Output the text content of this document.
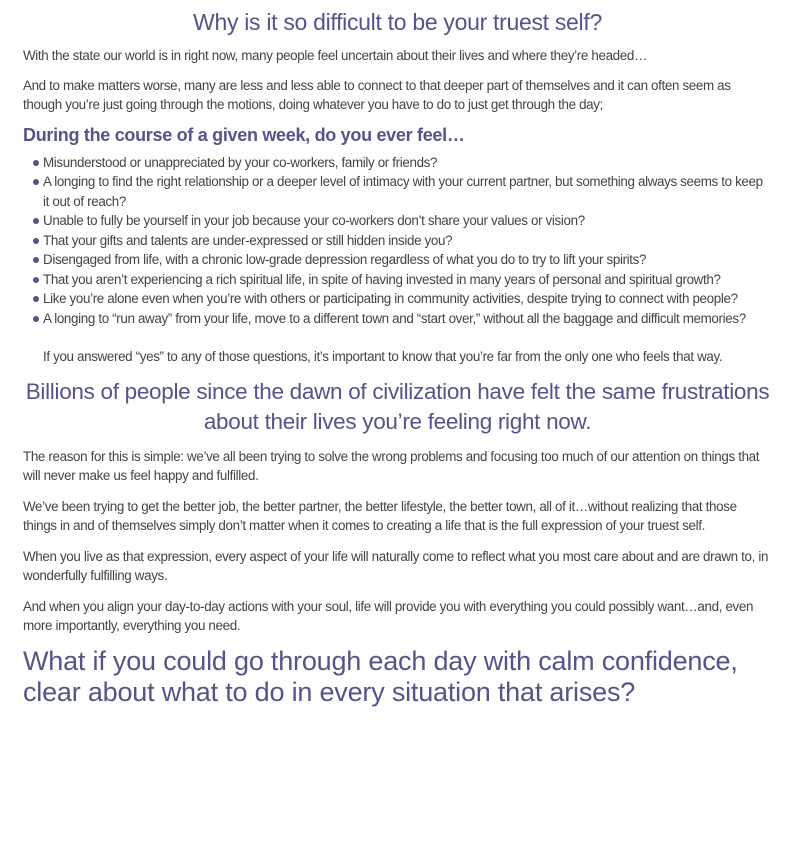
Why is it so difficult to be your truest self?

With the state our world is in right now, many people feel uncertain about their lives and where they’re headed…

And to make matters worse, many are less and less able to connect to that deeper part of themselves and it can often seem as though you’re just going through the motions, doing whatever you have to do to just get through the day;

During the course of a given week, do you ever feel…
Misunderstood or unappreciated by your co-workers, family or friends?
A longing to find the right relationship or a deeper level of intimacy with your current partner, but something always seems to keep it out of reach?
Unable to fully be yourself in your job because your co-workers don’t share your values or vision?
That your gifts and talents are under-expressed or still hidden inside you?
Disengaged from life, with a chronic low-grade depression regardless of what you do to try to lift your spirits?
That you aren’t experiencing a rich spiritual life, in spite of having invested in many years of personal and spiritual growth?
Like you’re alone even when you’re with others or participating in community activities, despite trying to connect with people?
A longing to “run away” from your life, move to a different town and “start over,” without all the baggage and difficult memories?

If you answered “yes” to any of those questions, it’s important to know that you’re far from the only one who feels that way.

Billions of people since the dawn of civilization have felt the same frustrations about their lives you’re feeling right now.

The reason for this is simple: we’ve all been trying to solve the wrong problems and focusing too much of our attention on things that will never make us feel happy and fulfilled.

We’ve been trying to get the better job, the better partner, the better lifestyle, the better town, all of it…without realizing that those things in and of themselves simply don’t matter when it comes to creating a life that is the full expression of your truest self.

When you live as that expression, every aspect of your life will naturally come to reflect what you most care about and are drawn to, in wonderfully fulfilling ways.

And when you align your day-to-day actions with your soul, life will provide you with everything you could possibly want…and, even more importantly, everything you need.

What if you could go through each day with calm confidence, clear about what to do in every situation that arises?
